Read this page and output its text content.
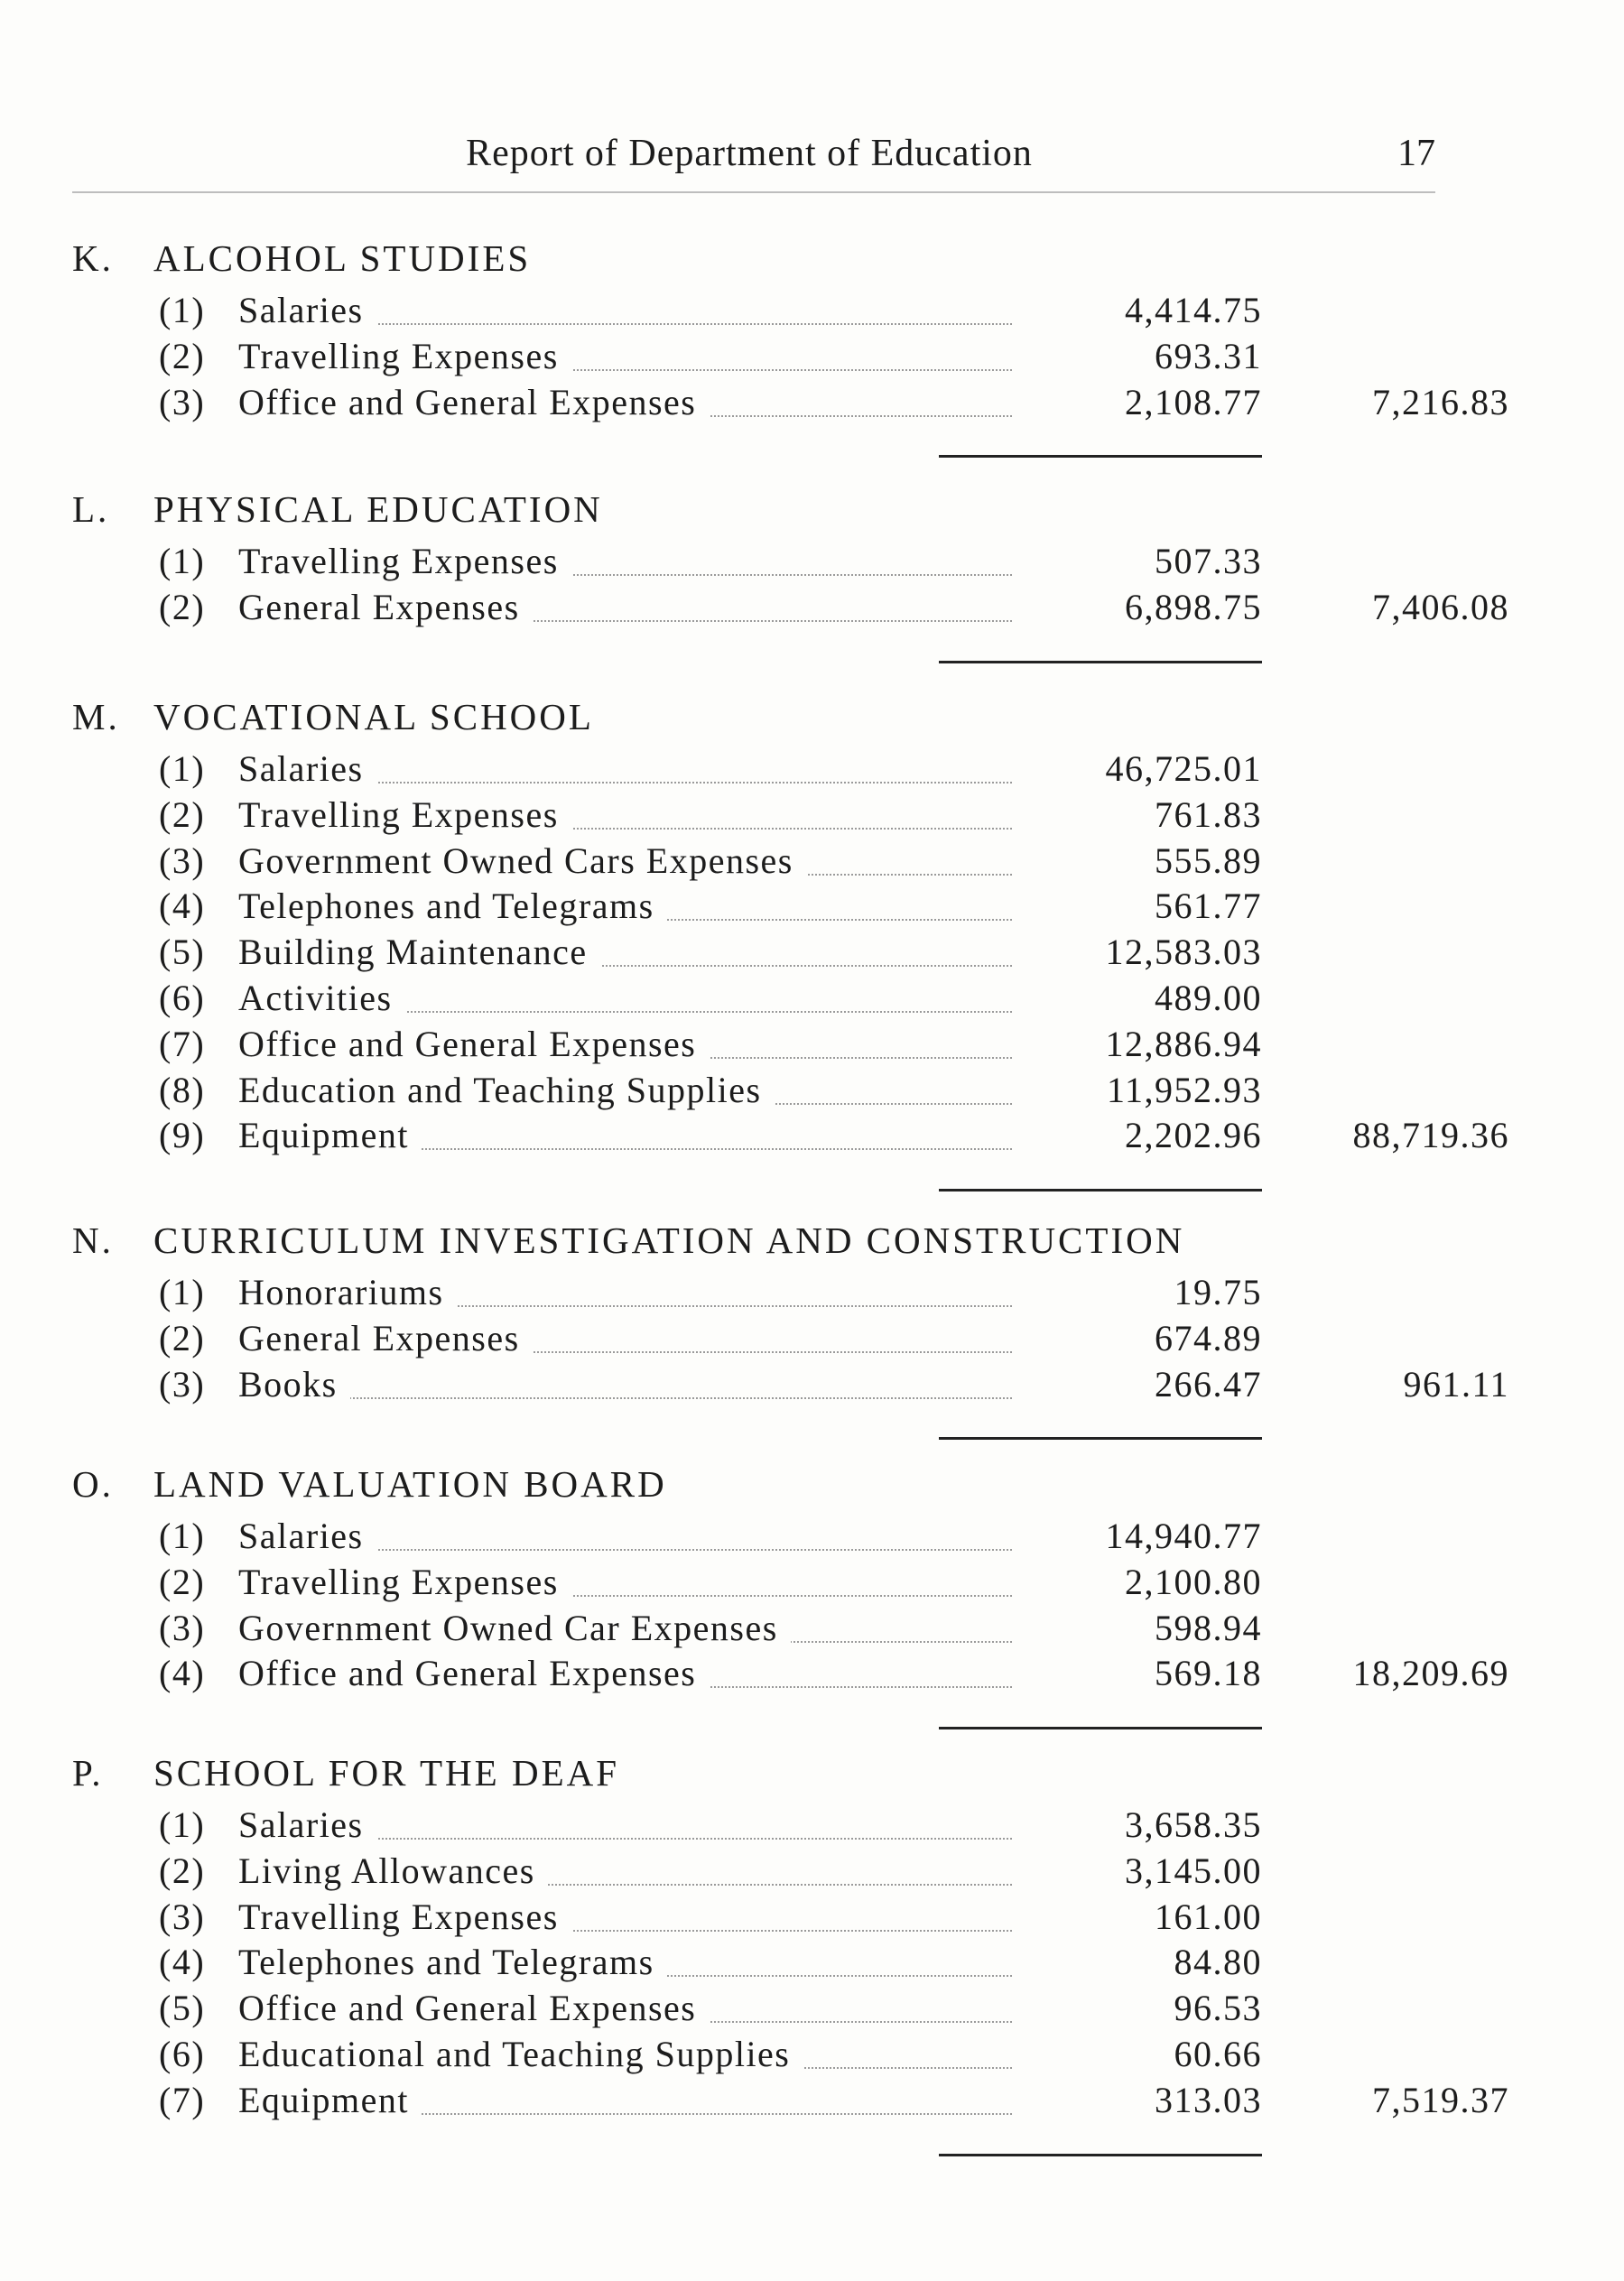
Report of Department of Education	17
K. ALCOHOL STUDIES
(1) Salaries	4,414.75
(2) Travelling Expenses	693.31
(3) Office and General Expenses	2,108.77	7,216.83
L. PHYSICAL EDUCATION
(1) Travelling Expenses	507.33
(2) General Expenses	6,898.75	7,406.08
M. VOCATIONAL SCHOOL
(1) Salaries	46,725.01
(2) Travelling Expenses	761.83
(3) Government Owned Cars Expenses	555.89
(4) Telephones and Telegrams	561.77
(5) Building Maintenance	12,583.03
(6) Activities	489.00
(7) Office and General Expenses	12,886.94
(8) Education and Teaching Supplies	11,952.93
(9) Equipment	2,202.96	88,719.36
N. CURRICULUM INVESTIGATION AND CONSTRUCTION
(1) Honorariums	19.75
(2) General Expenses	674.89
(3) Books	266.47	961.11
O. LAND VALUATION BOARD
(1) Salaries	14,940.77
(2) Travelling Expenses	2,100.80
(3) Government Owned Car Expenses	598.94
(4) Office and General Expenses	569.18	18,209.69
P. SCHOOL FOR THE DEAF
(1) Salaries	3,658.35
(2) Living Allowances	3,145.00
(3) Travelling Expenses	161.00
(4) Telephones and Telegrams	84.80
(5) Office and General Expenses	96.53
(6) Educational and Teaching Supplies	60.66
(7) Equipment	313.03	7,519.37
